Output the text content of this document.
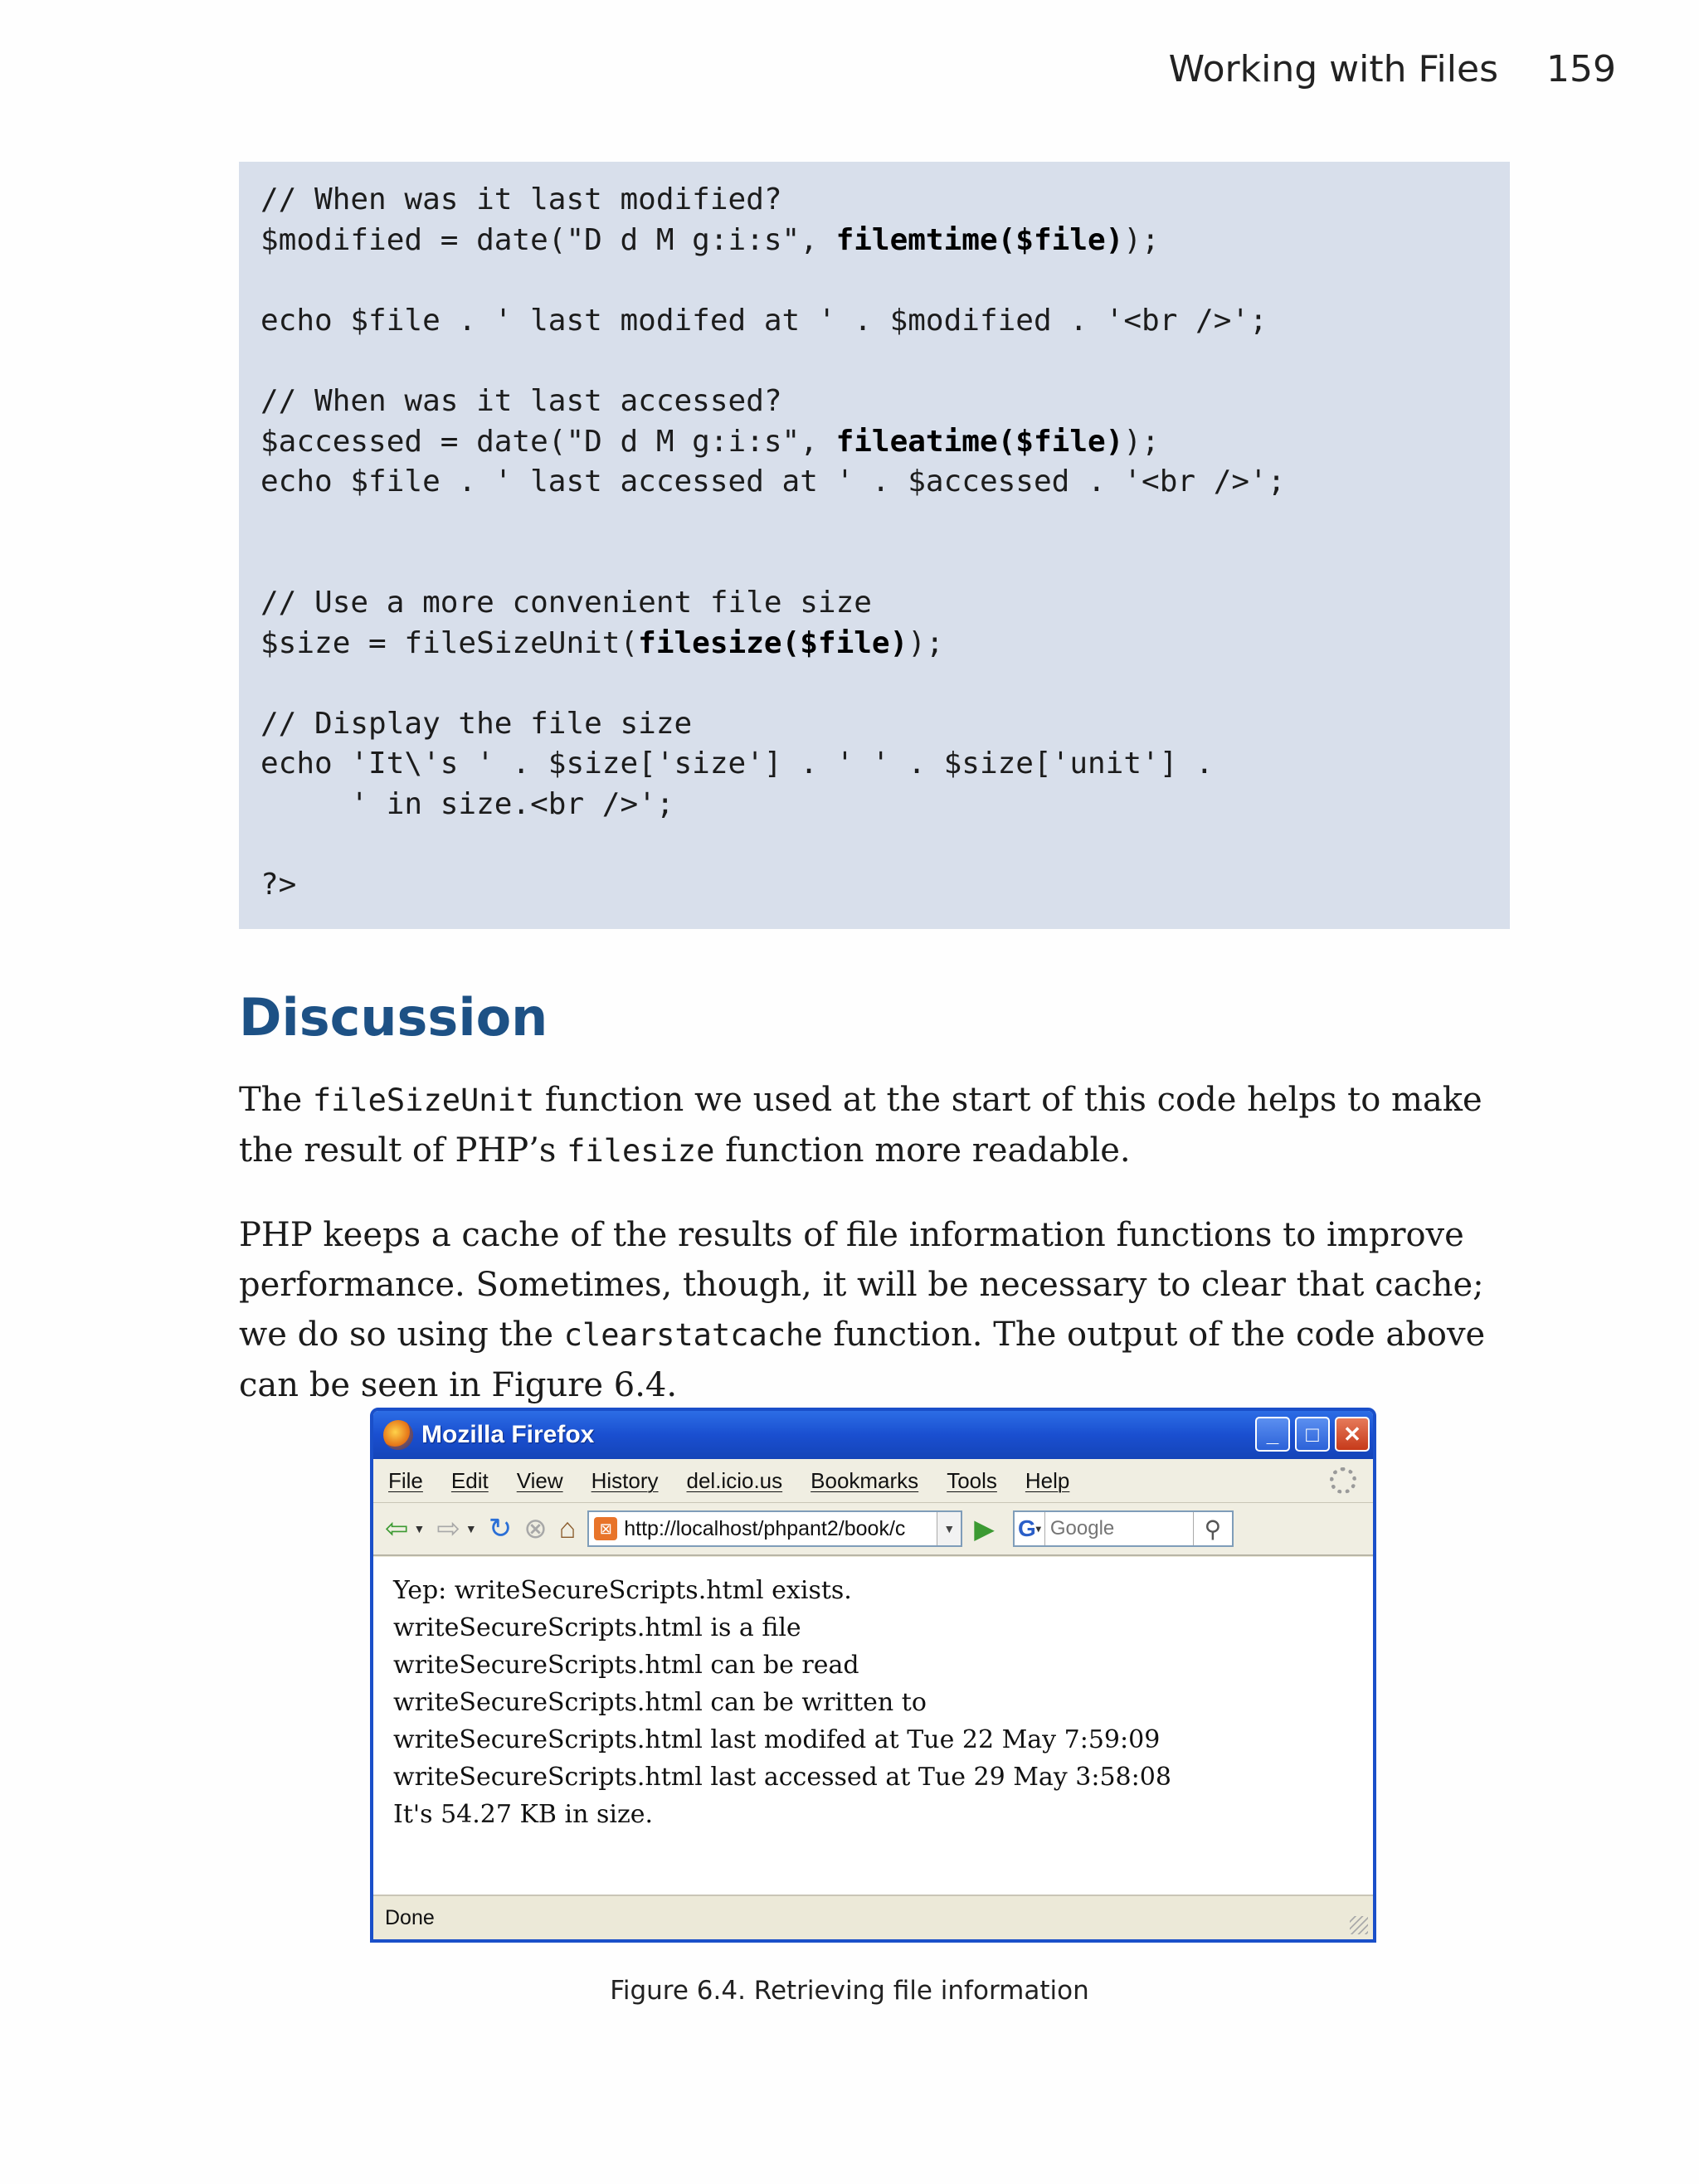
Working with Files 159
// When was it last modified?
$modified = date("D d M g:i:s", filemtime($file));
echo $file . ' last modifed at ' . $modified . '<br />';
// When was it last accessed?
$accessed = date("D d M g:i:s", fileatime($file));
echo $file . ' last accessed at ' . $accessed . '<br />';
// Use a more convenient file size
$size = fileSizeUnit(filesize($file));
// Display the file size
echo 'It\'s ' . $size['size'] . ' ' . $size['unit'] .
' in size.<br />';
?>
Discussion

The fileSizeUnit function we used at the start of this code helps to make the result of PHP’s filesize function more readable.

PHP keeps a cache of the results of file information functions to improve performance. Sometimes, though, it will be necessary to clear that cache; we do so using the clearstatcache function. The output of the code above can be seen in Figure 6.4.

Mozilla Firefox	_	□	✕
File Edit View History del.icio.us Bookmarks Tools Help
⇦ ▼ ⇨ ▼ ↻ ⊗ ⌂	⊠ http://localhost/phpant2/book/c	▼ ▶ G ▾
Google	⚲
Yep: writeSecureScripts.html exists.
writeSecureScripts.html is a file
writeSecureScripts.html can be read
writeSecureScripts.html can be written to
writeSecureScripts.html last modifed at Tue 22 May 7:59:09
writeSecureScripts.html last accessed at Tue 29 May 3:58:08
It's 54.27 KB in size.
Done
Figure 6.4. Retrieving file information
